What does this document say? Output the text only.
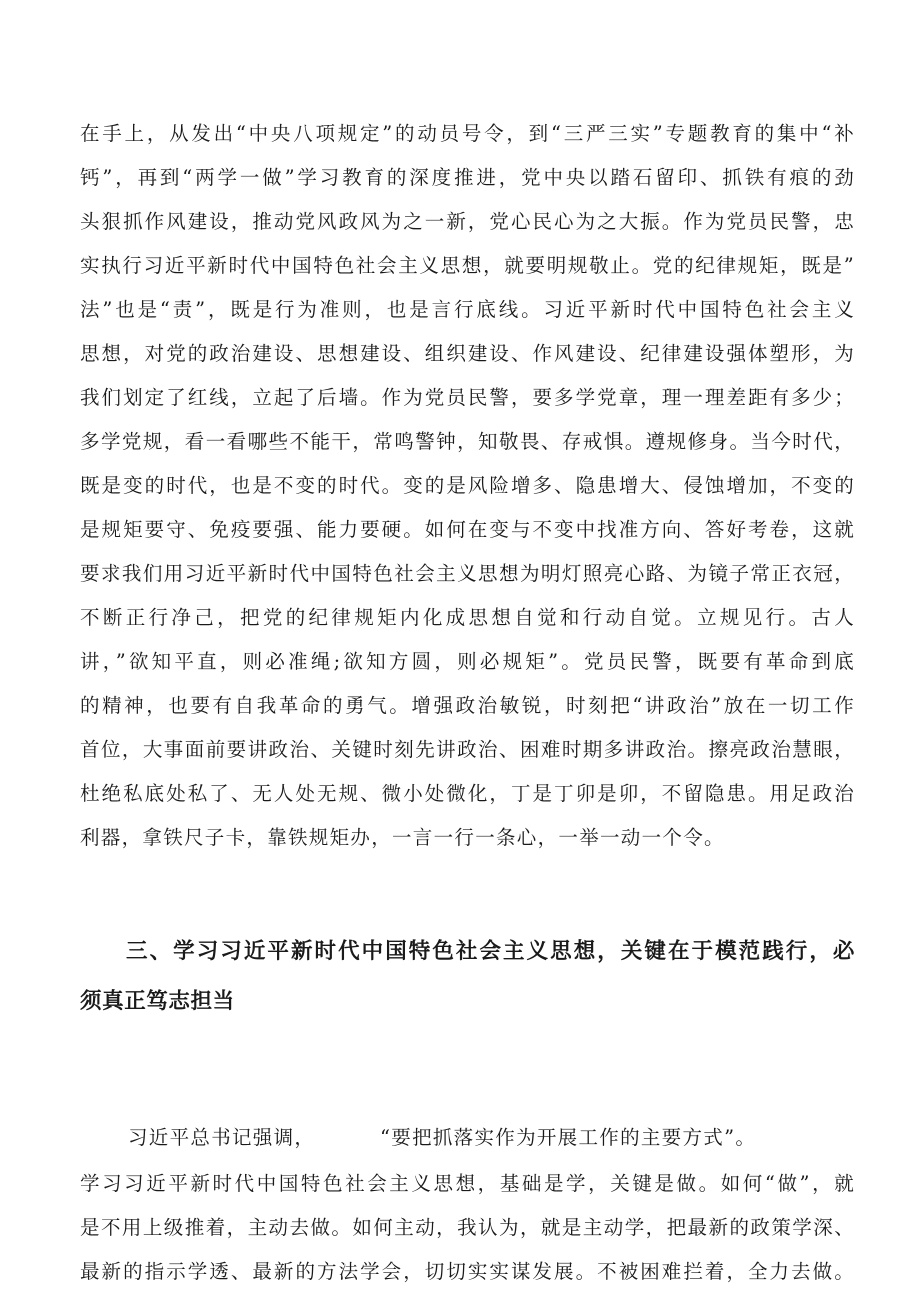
在手上，从发出“中央八项规定”的动员号令，到“三严三实”专题教育的集中“补
钙”，再到“两学一做”学习教育的深度推进，党中央以踏石留印、抓铁有痕的劲
头狠抓作风建设，推动党风政风为之一新，党心民心为之大振。作为党员民警，忠
实执行习近平新时代中国特色社会主义思想，就要明规敬止。党的纪律规矩，既是”
法”也是“责”，既是行为准则，也是言行底线。习近平新时代中国特色社会主义
思想，对党的政治建设、思想建设、组织建设、作风建设、纪律建设强体塑形，为
我们划定了红线，立起了后墙。作为党员民警，要多学党章，理一理差距有多少；
多学党规，看一看哪些不能干，常鸣警钟，知敬畏、存戒惧。遵规修身。当今时代，
既是变的时代，也是不变的时代。变的是风险增多、隐患增大、侵蚀增加，不变的
是规矩要守、免疫要强、能力要硬。如何在变与不变中找准方向、答好考卷，这就
要求我们用习近平新时代中国特色社会主义思想为明灯照亮心路、为镜子常正衣冠，
不断正行净己，把党的纪律规矩内化成思想自觉和行动自觉。立规见行。古人
讲，”欲知平直，则必准绳;欲知方圆，则必规矩”。党员民警，既要有革命到底
的精神，也要有自我革命的勇气。增强政治敏锐，时刻把“讲政治”放在一切工作
首位，大事面前要讲政治、关键时刻先讲政治、困难时期多讲政治。擦亮政治慧眼，
杜绝私底处私了、无人处无规、微小处微化，丁是丁卯是卯，不留隐患。用足政治
利器，拿铁尺子卡，靠铁规矩办，一言一行一条心，一举一动一个令。
三、学习习近平新时代中国特色社会主义思想，关键在于模范践行，必
须真正笃志担当
习近平总书记强调，	“要把抓落实作为开展工作的主要方式”。
学习习近平新时代中国特色社会主义思想，基础是学，关键是做。如何“做”，就
是不用上级推着，主动去做。如何主动，我认为，就是主动学，把最新的政策学深、
最新的指示学透、最新的方法学会，切切实实谋发展。不被困难拦着，全力去做。
